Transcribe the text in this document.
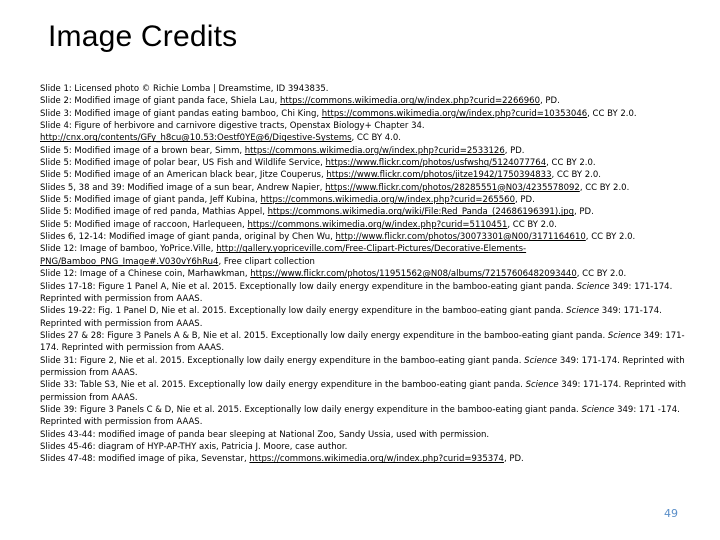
Image Credits

Slide 1: Licensed photo © Richie Lomba | Dreamstime, ID 3943835.

Slide 2: Modified image of giant panda face, Shiela Lau, https://commons.wikimedia.org/w/index.php?curid=2266960, PD.

Slide 3: Modified image of giant pandas eating bamboo, Chi King, https://commons.wikimedia.org/w/index.php?curid=10353046, CC BY 2.0.

Slide 4: Figure of herbivore and carnivore digestive tracts, Openstax Biology+ Chapter 34. http://cnx.org/contents/GFy_h8cu@10.53:Oestf0YE@6/Digestive-Systems, CC BY 4.0.

Slide 5: Modified image of a brown bear, Simm, https://commons.wikimedia.org/w/index.php?curid=2533126, PD.

Slide 5: Modified image of polar bear, US Fish and Wildlife Service, https://www.flickr.com/photos/usfwshq/5124077764, CC BY 2.0.

Slide 5: Modified image of an American black bear, Jitze Couperus, https://www.flickr.com/photos/jitze1942/1750394833, CC BY 2.0.

Slides 5, 38 and 39: Modified image of a sun bear, Andrew Napier, https://www.flickr.com/photos/28285551@N03/4235578092, CC BY 2.0.

Slide 5: Modified image of giant panda, Jeff Kubina, https://commons.wikimedia.org/w/index.php?curid=265560, PD.

Slide 5: Modified image of red panda, Mathias Appel, https://commons.wikimedia.org/wiki/File:Red_Panda_(24686196391).jpg, PD.

Slide 5: Modified image of raccoon, Harlequeen, https://commons.wikimedia.org/w/index.php?curid=5110451, CC BY 2.0.

Slides 6, 12-14: Modified image of giant panda, original by Chen Wu, http://www.flickr.com/photos/30073301@N00/3171164610, CC BY 2.0.

Slide 12: Image of bamboo, YoPrice.Ville, http://gallery.yopriceville.com/Free-Clipart-Pictures/Decorative-Elements-PNG/Bamboo_PNG_Image#.V030vY6hRu4, Free clipart collection

Slide 12: Image of a Chinese coin, Marhawkman, https://www.flickr.com/photos/11951562@N08/albums/72157606482093440, CC BY 2.0.

Slides 17-18: Figure 1 Panel A, Nie et al. 2015. Exceptionally low daily energy expenditure in the bamboo-eating giant panda. Science 349: 171-174. Reprinted with permission from AAAS.

Slides 19-22: Fig. 1 Panel D, Nie et al. 2015. Exceptionally low daily energy expenditure in the bamboo-eating giant panda. Science 349: 171-174. Reprinted with permission from AAAS.

Slides 27 & 28: Figure 3 Panels A & B, Nie et al. 2015. Exceptionally low daily energy expenditure in the bamboo-eating giant panda. Science 349: 171-174. Reprinted with permission from AAAS.

Slide 31: Figure 2, Nie et al. 2015. Exceptionally low daily energy expenditure in the bamboo-eating giant panda. Science 349: 171-174. Reprinted with permission from AAAS.

Slide 33: Table S3, Nie et al. 2015. Exceptionally low daily energy expenditure in the bamboo-eating giant panda. Science 349: 171-174. Reprinted with permission from AAAS.

Slide 39: Figure 3 Panels C & D, Nie et al. 2015. Exceptionally low daily energy expenditure in the bamboo-eating giant panda. Science 349: 171 -174. Reprinted with permission from AAAS.

Slides 43-44: modified image of panda bear sleeping at National Zoo, Sandy Ussia, used with permission.

Slides 45-46: diagram of HYP-AP-THY axis, Patricia J. Moore, case author.

Slides 47-48: modified image of pika, Sevenstar, https://commons.wikimedia.org/w/index.php?curid=935374, PD.

49
